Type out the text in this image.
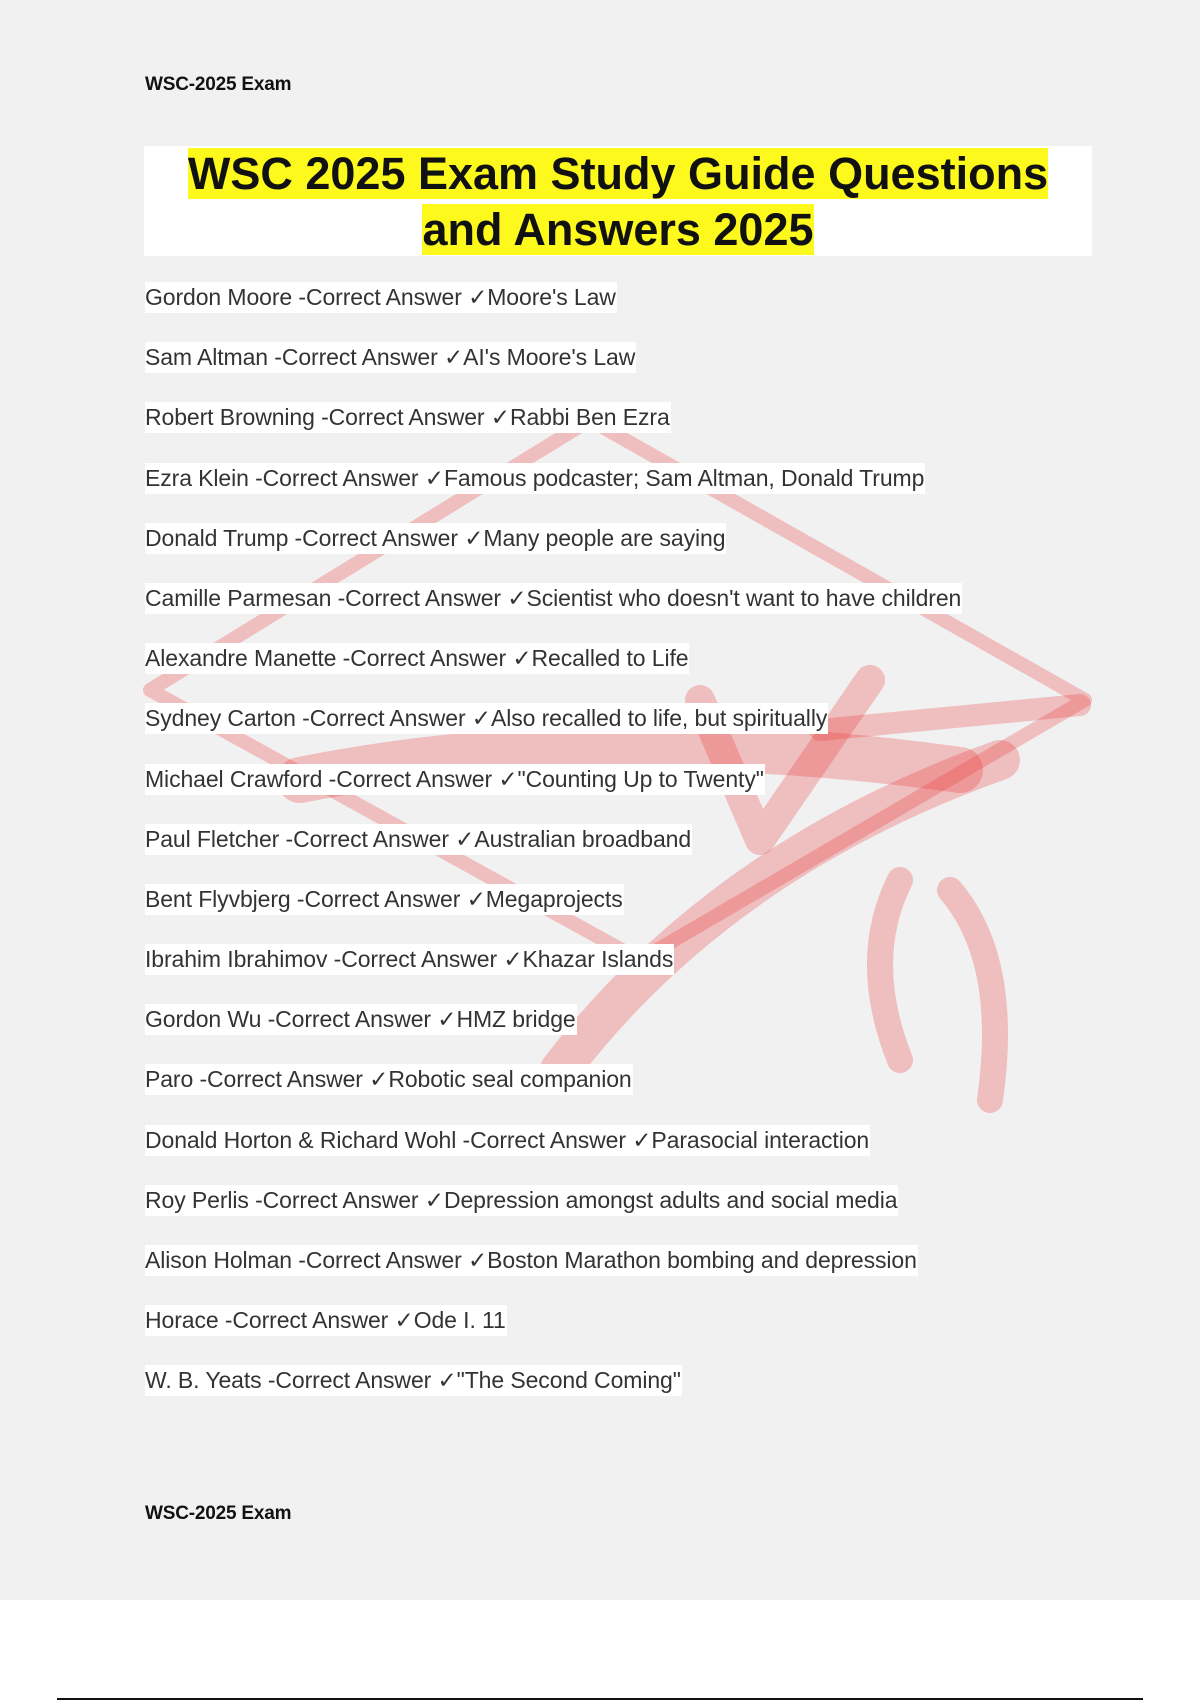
WSC-2025 Exam
WSC 2025 Exam Study Guide Questions
and Answers 2025
Gordon Moore -Correct Answer ✓Moore's Law
Sam Altman -Correct Answer ✓AI's Moore's Law
Robert Browning -Correct Answer ✓Rabbi Ben Ezra
Ezra Klein -Correct Answer ✓Famous podcaster; Sam Altman, Donald Trump
Donald Trump -Correct Answer ✓Many people are saying
Camille Parmesan -Correct Answer ✓Scientist who doesn't want to have children
Alexandre Manette -Correct Answer ✓Recalled to Life
Sydney Carton -Correct Answer ✓Also recalled to life, but spiritually
Michael Crawford -Correct Answer ✓"Counting Up to Twenty"
Paul Fletcher -Correct Answer ✓Australian broadband
Bent Flyvbjerg -Correct Answer ✓Megaprojects
Ibrahim Ibrahimov -Correct Answer ✓Khazar Islands
Gordon Wu -Correct Answer ✓HMZ bridge
Paro -Correct Answer ✓Robotic seal companion
Donald Horton & Richard Wohl -Correct Answer ✓Parasocial interaction
Roy Perlis -Correct Answer ✓Depression amongst adults and social media
Alison Holman -Correct Answer ✓Boston Marathon bombing and depression
Horace -Correct Answer ✓Ode I. 11
W. B. Yeats -Correct Answer ✓"The Second Coming"
WSC-2025 Exam
